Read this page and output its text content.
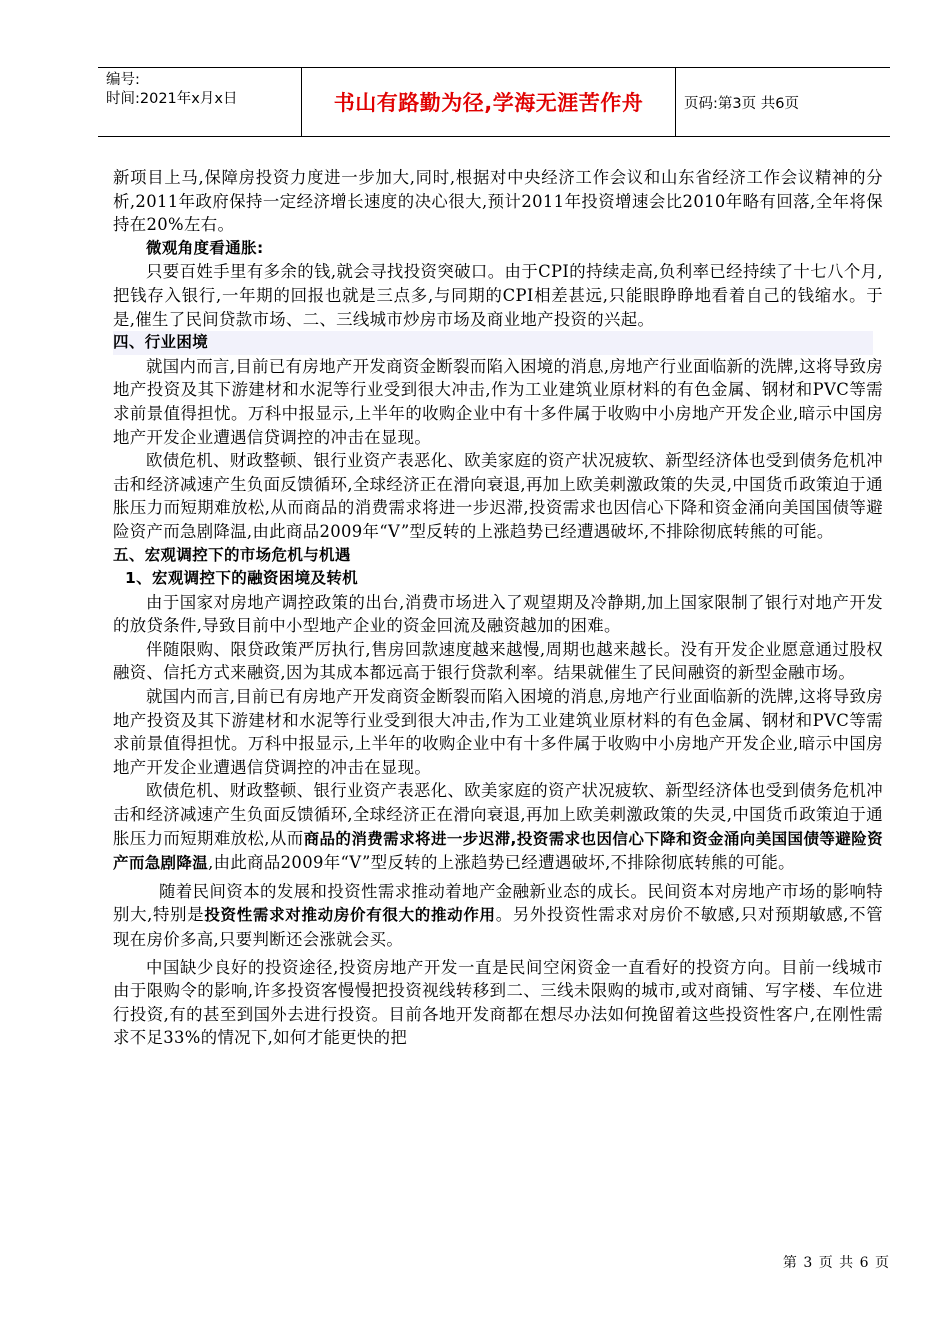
编号:
时间:2021年x月x日	书山有路勤为径,学海无涯苦作舟	页码:第3页 共6页

新项目上马,保障房投资力度进一步加大,同时,根据对中央经济工作会议和山东省经济工作会议精神的分析,2011年政府保持一定经济增长速度的决心很大,预计2011年投资增速会比2010年略有回落,全年将保持在20%左右。

微观角度看通胀:

只要百姓手里有多余的钱,就会寻找投资突破口。由于CPI的持续走高,负利率已经持续了十七八个月,把钱存入银行,一年期的回报也就是三点多,与同期的CPI相差甚远,只能眼睁睁地看着自己的钱缩水。于是,催生了民间贷款市场、二、三线城市炒房市场及商业地产投资的兴起。

四、行业困境

就国内而言,目前已有房地产开发商资金断裂而陷入困境的消息,房地产行业面临新的洗牌,这将导致房地产投资及其下游建材和水泥等行业受到很大冲击,作为工业建筑业原材料的有色金属、钢材和PVC等需求前景值得担忧。万科中报显示,上半年的收购企业中有十多件属于收购中小房地产开发企业,暗示中国房地产开发企业遭遇信贷调控的冲击在显现。

欧债危机、财政整顿、银行业资产表恶化、欧美家庭的资产状况疲软、新型经济体也受到债务危机冲击和经济减速产生负面反馈循环,全球经济正在滑向衰退,再加上欧美刺激政策的失灵,中国货币政策迫于通胀压力而短期难放松,从而商品的消费需求将进一步迟滞,投资需求也因信心下降和资金涌向美国国债等避险资产而急剧降温,由此商品2009年“V”型反转的上涨趋势已经遭遇破坏,不排除彻底转熊的可能。

五、宏观调控下的市场危机与机遇

1、宏观调控下的融资困境及转机

由于国家对房地产调控政策的出台,消费市场进入了观望期及冷静期,加上国家限制了银行对地产开发的放贷条件,导致目前中小型地产企业的资金回流及融资越加的困难。

伴随限购、限贷政策严厉执行,售房回款速度越来越慢,周期也越来越长。没有开发企业愿意通过股权融资、信托方式来融资,因为其成本都远高于银行贷款利率。结果就催生了民间融资的新型金融市场。

就国内而言,目前已有房地产开发商资金断裂而陷入困境的消息,房地产行业面临新的洗牌,这将导致房地产投资及其下游建材和水泥等行业受到很大冲击,作为工业建筑业原材料的有色金属、钢材和PVC等需求前景值得担忧。万科中报显示,上半年的收购企业中有十多件属于收购中小房地产开发企业,暗示中国房地产开发企业遭遇信贷调控的冲击在显现。

欧债危机、财政整顿、银行业资产表恶化、欧美家庭的资产状况疲软、新型经济体也受到债务危机冲击和经济减速产生负面反馈循环,全球经济正在滑向衰退,再加上欧美刺激政策的失灵,中国货币政策迫于通胀压力而短期难放松,从而商品的消费需求将进一步迟滞,投资需求也因信心下降和资金涌向美国国债等避险资产而急剧降温,由此商品2009年“V”型反转的上涨趋势已经遭遇破坏,不排除彻底转熊的可能。

随着民间资本的发展和投资性需求推动着地产金融新业态的成长。民间资本对房地产市场的影响特别大,特别是投资性需求对推动房价有很大的推动作用。另外投资性需求对房价不敏感,只对预期敏感,不管现在房价多高,只要判断还会涨就会买。

中国缺少良好的投资途径,投资房地产开发一直是民间空闲资金一直看好的投资方向。目前一线城市由于限购令的影响,许多投资客慢慢把投资视线转移到二、三线未限购的城市,或对商铺、写字楼、车位进行投资,有的甚至到国外去进行投资。目前各地开发商都在想尽办法如何挽留着这些投资性客户,在刚性需求不足33%的情况下,如何才能更快的把

第 3 页 共 6 页
